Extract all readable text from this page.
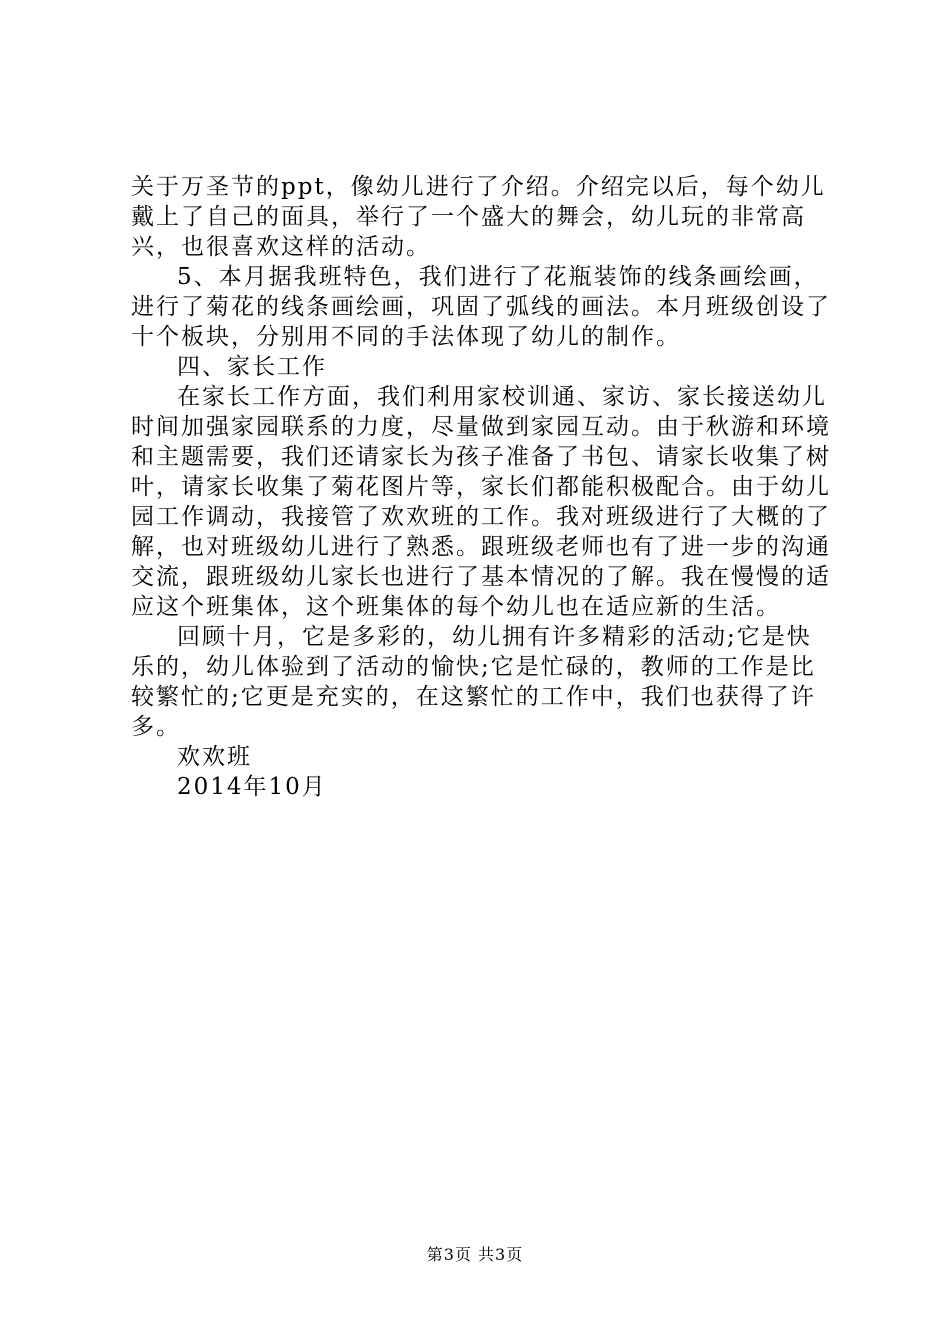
关于万圣节的ppt，像幼儿进行了介绍。介绍完以后，每个幼儿戴上了自己的面具，举行了一个盛大的舞会，幼儿玩的非常高兴，也很喜欢这样的活动。

5、本月据我班特色，我们进行了花瓶装饰的线条画绘画，进行了菊花的线条画绘画，巩固了弧线的画法。本月班级创设了十个板块，分别用不同的手法体现了幼儿的制作。

四、家长工作

在家长工作方面，我们利用家校训通、家访、家长接送幼儿时间加强家园联系的力度，尽量做到家园互动。由于秋游和环境和主题需要，我们还请家长为孩子准备了书包、请家长收集了树叶，请家长收集了菊花图片等，家长们都能积极配合。由于幼儿园工作调动，我接管了欢欢班的工作。我对班级进行了大概的了解，也对班级幼儿进行了熟悉。跟班级老师也有了进一步的沟通交流，跟班级幼儿家长也进行了基本情况的了解。我在慢慢的适应这个班集体，这个班集体的每个幼儿也在适应新的生活。

回顾十月，它是多彩的，幼儿拥有许多精彩的活动;它是快乐的，幼儿体验到了活动的愉快;它是忙碌的，教师的工作是比较繁忙的;它更是充实的，在这繁忙的工作中，我们也获得了许多。

欢欢班

2014年10月

第3页 共3页
